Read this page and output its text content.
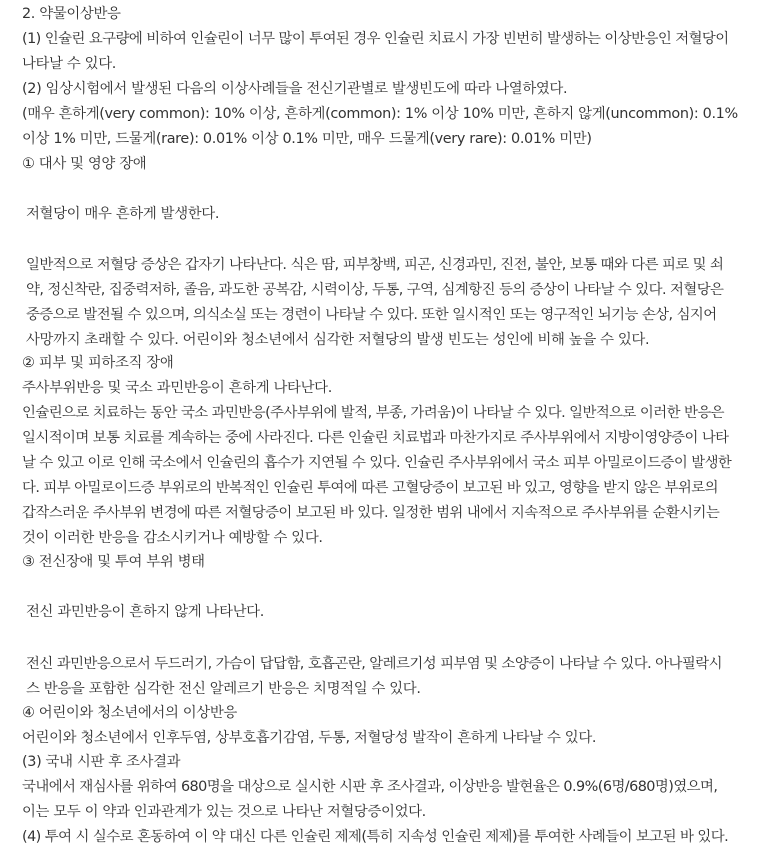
2. 약물이상반응
(1) 인슐린 요구량에 비하여 인슐린이 너무 많이 투여된 경우 인슐린 치료시 가장 빈번히 발생하는 이상반응인 저혈당이
나타날 수 있다.
(2) 임상시험에서 발생된 다음의 이상사례들을 전신기관별로 발생빈도에 따라 나열하였다.
(매우 흔하게(very common): 10% 이상, 흔하게(common): 1% 이상 10% 미만, 흔하지 않게(uncommon): 0.1%
이상 1% 미만, 드물게(rare): 0.01% 이상 0.1% 미만, 매우 드물게(very rare): 0.01% 미만)
① 대사 및 영양 장애
저혈당이 매우 흔하게 발생한다.
일반적으로 저혈당 증상은 갑자기 나타난다. 식은 땀, 피부창백, 피곤, 신경과민, 진전, 불안, 보통 때와 다른 피로 및 쇠
약, 정신착란, 집중력저하, 졸음, 과도한 공복감, 시력이상, 두통, 구역, 심계항진 등의 증상이 나타날 수 있다. 저혈당은
중증으로 발전될 수 있으며, 의식소실 또는 경련이 나타날 수 있다. 또한 일시적인 또는 영구적인 뇌기능 손상, 심지어
사망까지 초래할 수 있다. 어린이와 청소년에서 심각한 저혈당의 발생 빈도는 성인에 비해 높을 수 있다.
② 피부 및 피하조직 장애
주사부위반응 및 국소 과민반응이 흔하게 나타난다.
인슐린으로 치료하는 동안 국소 과민반응(주사부위에 발적, 부종, 가려움)이 나타날 수 있다. 일반적으로 이러한 반응은
일시적이며 보통 치료를 계속하는 중에 사라진다. 다른 인슐린 치료법과 마찬가지로 주사부위에서 지방이영양증이 나타
날 수 있고 이로 인해 국소에서 인슐린의 흡수가 지연될 수 있다. 인슐린 주사부위에서 국소 피부 아밀로이드증이 발생한
다. 피부 아밀로이드증 부위로의 반복적인 인슐린 투여에 따른 고혈당증이 보고된 바 있고, 영향을 받지 않은 부위로의
갑작스러운 주사부위 변경에 따른 저혈당증이 보고된 바 있다. 일정한 범위 내에서 지속적으로 주사부위를 순환시키는
것이 이러한 반응을 감소시키거나 예방할 수 있다.
③ 전신장애 및 투여 부위 병태
전신 과민반응이 흔하지 않게 나타난다.
전신 과민반응으로서 두드러기, 가슴이 답답함, 호흡곤란, 알레르기성 피부염 및 소양증이 나타날 수 있다. 아나필락시
스 반응을 포함한 심각한 전신 알레르기 반응은 치명적일 수 있다.
④ 어린이와 청소년에서의 이상반응
어린이와 청소년에서 인후두염, 상부호흡기감염, 두통, 저혈당성 발작이 흔하게 나타날 수 있다.
(3) 국내 시판 후 조사결과
국내에서 재심사를 위하여 680명을 대상으로 실시한 시판 후 조사결과, 이상반응 발현율은 0.9%(6명/680명)였으며,
이는 모두 이 약과 인과관계가 있는 것으로 나타난 저혈당증이었다.
(4) 투여 시 실수로 혼동하여 이 약 대신 다른 인슐린 제제(특히 지속성 인슐린 제제)를 투여한 사례들이 보고된 바 있다.
